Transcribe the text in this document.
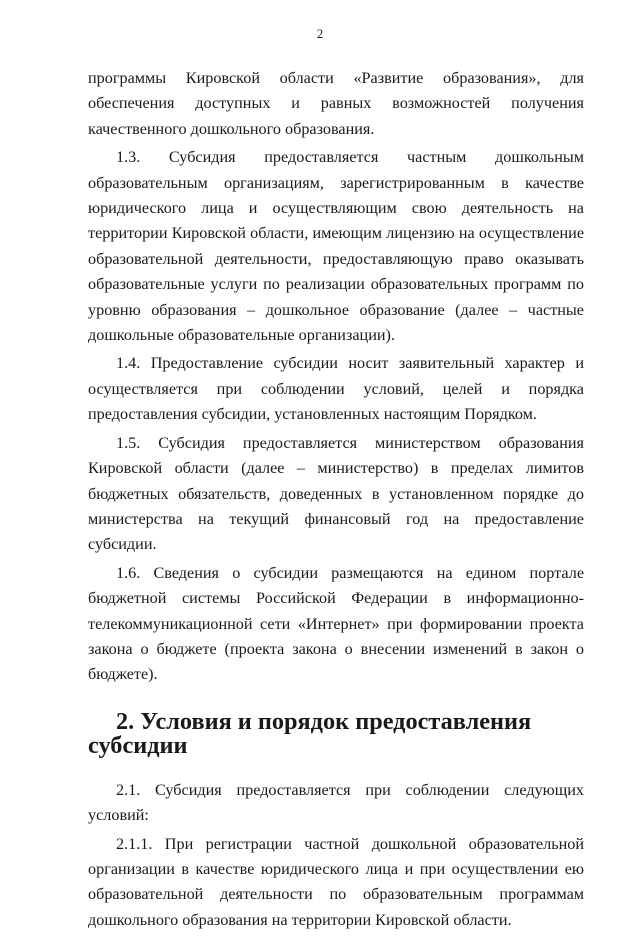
2

программы Кировской области «Развитие образования», для обеспечения доступных и равных возможностей получения качественного дошкольного образования.

1.3. Субсидия предоставляется частным дошкольным образовательным организациям, зарегистрированным в качестве юридического лица и осуществляющим свою деятельность на территории Кировской области, имеющим лицензию на осуществление образовательной деятельности, предоставляющую право оказывать образовательные услуги по реализации образовательных программ по уровню образования – дошкольное образование (далее – частные дошкольные образовательные организации).

1.4. Предоставление субсидии носит заявительный характер и осуществляется при соблюдении условий, целей и порядка предоставления субсидии, установленных настоящим Порядком.

1.5. Субсидия предоставляется министерством образования Кировской области (далее – министерство) в пределах лимитов бюджетных обязательств, доведенных в установленном порядке до министерства на текущий финансовый год на предоставление субсидии.

1.6. Сведения о субсидии размещаются на едином портале бюджетной системы Российской Федерации в информационно-телекоммуникационной сети «Интернет» при формировании проекта закона о бюджете (проекта закона о внесении изменений в закон о бюджете).

2. Условия и порядок предоставления субсидии

2.1. Субсидия предоставляется при соблюдении следующих условий:

2.1.1. При регистрации частной дошкольной образовательной организации в качестве юридического лица и при осуществлении ею образовательной деятельности по образовательным программам дошкольного образования на территории Кировской области.
